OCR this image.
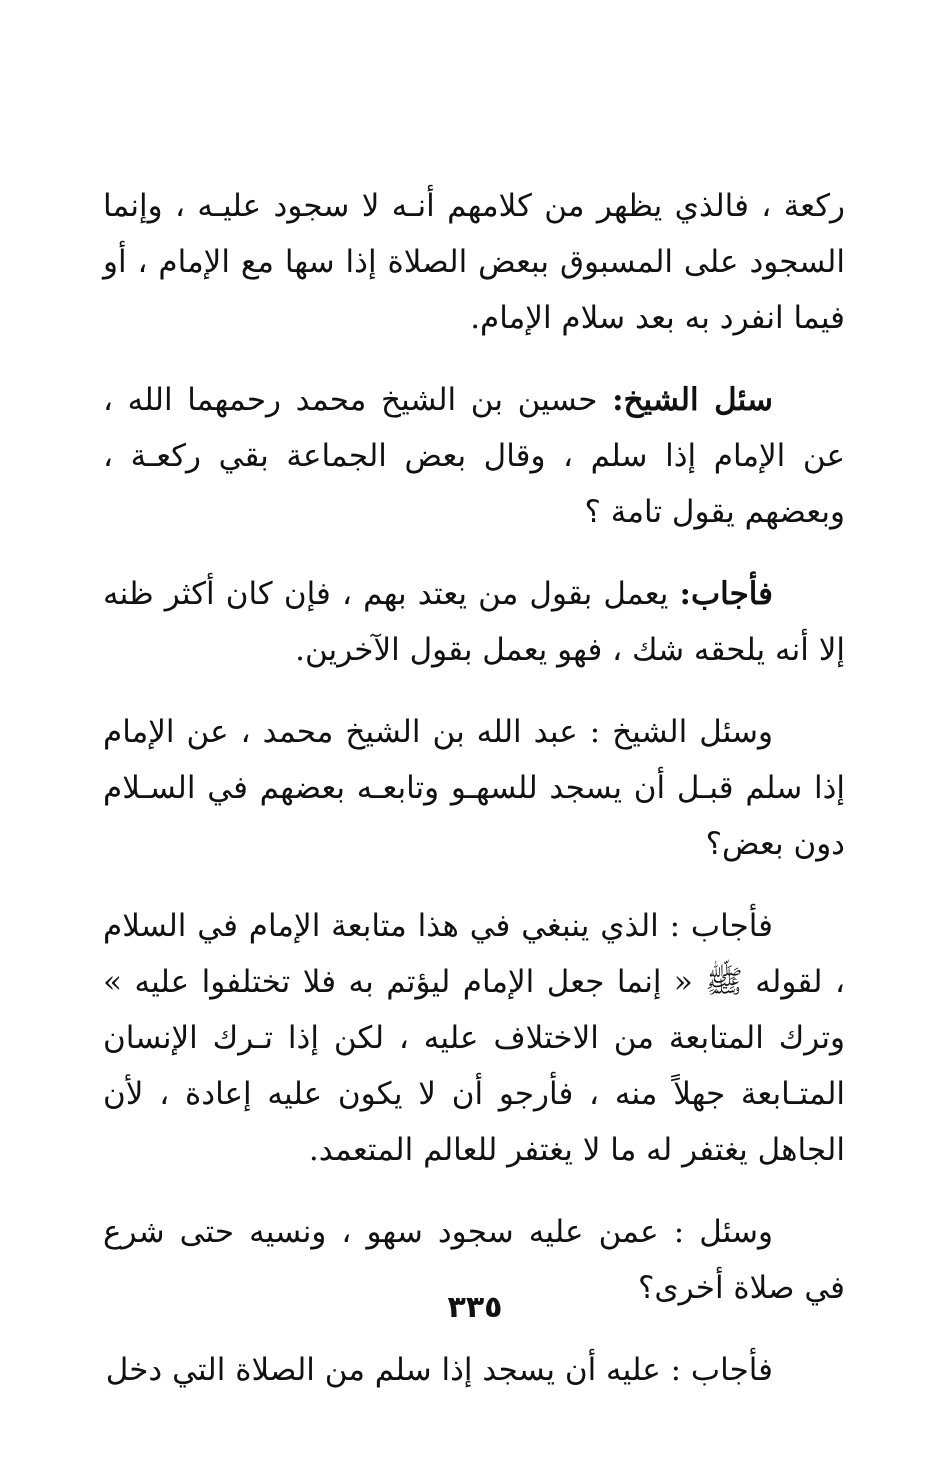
ركعة ، فالذي يظهر من كلامهم أنـه لا سجود عليـه ، وإنما السجود على المسبوق ببعض الصلاة إذا سها مع الإمام ، أو فيما انفرد به بعد سلام الإمام.

سئل الشيخ: حسين بن الشيخ محمد رحمهما الله ، عن الإمام إذا سلم ، وقال بعض الجماعة بقي ركعـة ، وبعضهم يقول تامة ؟

فأجاب: يعمل بقول من يعتد بهم ، فإن كان أكثر ظنه إلا أنه يلحقه شك ، فهو يعمل بقول الآخرين.

وسئل الشيخ : عبد الله بن الشيخ محمد ، عن الإمام إذا سلم قبـل أن يسجد للسهـو وتابعـه بعضهم في السـلام دون بعض؟

فأجاب : الذي ينبغي في هذا متابعة الإمام في السلام ، لقوله ﷺ « إنما جعل الإمام ليؤتم به فلا تختلفوا عليه » وترك المتابعة من الاختلاف عليه ، لكن إذا تـرك الإنسان المتـابعة جهلاً منه ، فأرجو أن لا يكون عليه إعادة ، لأن الجاهل يغتفر له ما لا يغتفر للعالم المتعمد.

وسئل : عمن عليه سجود سهو ، ونسيه حتى شرع في صلاة أخرى؟

فأجاب : عليه أن يسجد إذا سلم من الصلاة التي دخل

٣٣٥
